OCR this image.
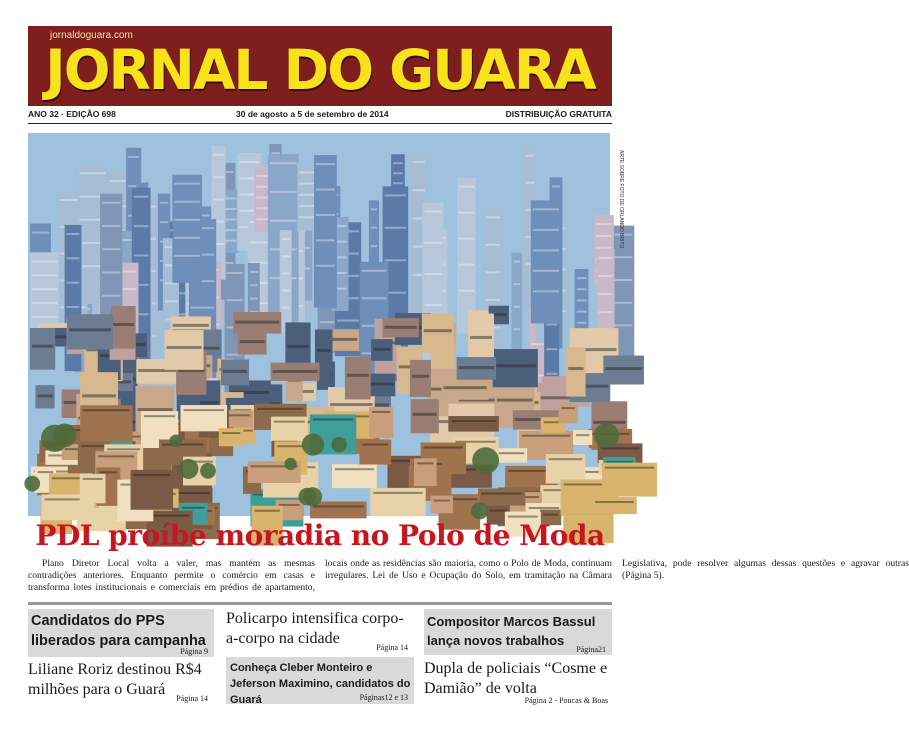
jornaldoguara.com
JORNAL DO GUARA
ANO 32 · EDIÇÃO 698	30 de agosto a 5 de setembro de 2014	DISTRIBUIÇÃO GRATUITA
ARTE SOBRE FOTO DE ORLANDO BRITO
PDL proíbe moradia no Polo de Moda
Plano Diretor Local volta a valer, mas mantém as mesmas contradições anteriores. Enquanto permite o comércio em casas e transforma lotes institucionais e comerciais em prédios de apartamento, locais onde as residências são maioria, como o Polo de Moda, continuam irregulares. Lei de Uso e Ocupação do Solo, em tramitação na Câmara Legislativa, pode resolver algumas dessas questões e agravar outras (Página 5).
Candidatos do PPS liberados para campanha
Página 9
Liliane Roriz destinou R$4 milhões para o Guará
Página 14
Policarpo intensifica corpo-a-corpo na cidade
Página 14
Conheça Cleber Monteiro e Jeferson Maximino, candidatos do Guará	Páginas12 e 13
Compositor Marcos Bassul lança novos trabalhos
Página21
Dupla de policiais “Cosme e Damião” de volta
Página 2 - Poucas & Boas
